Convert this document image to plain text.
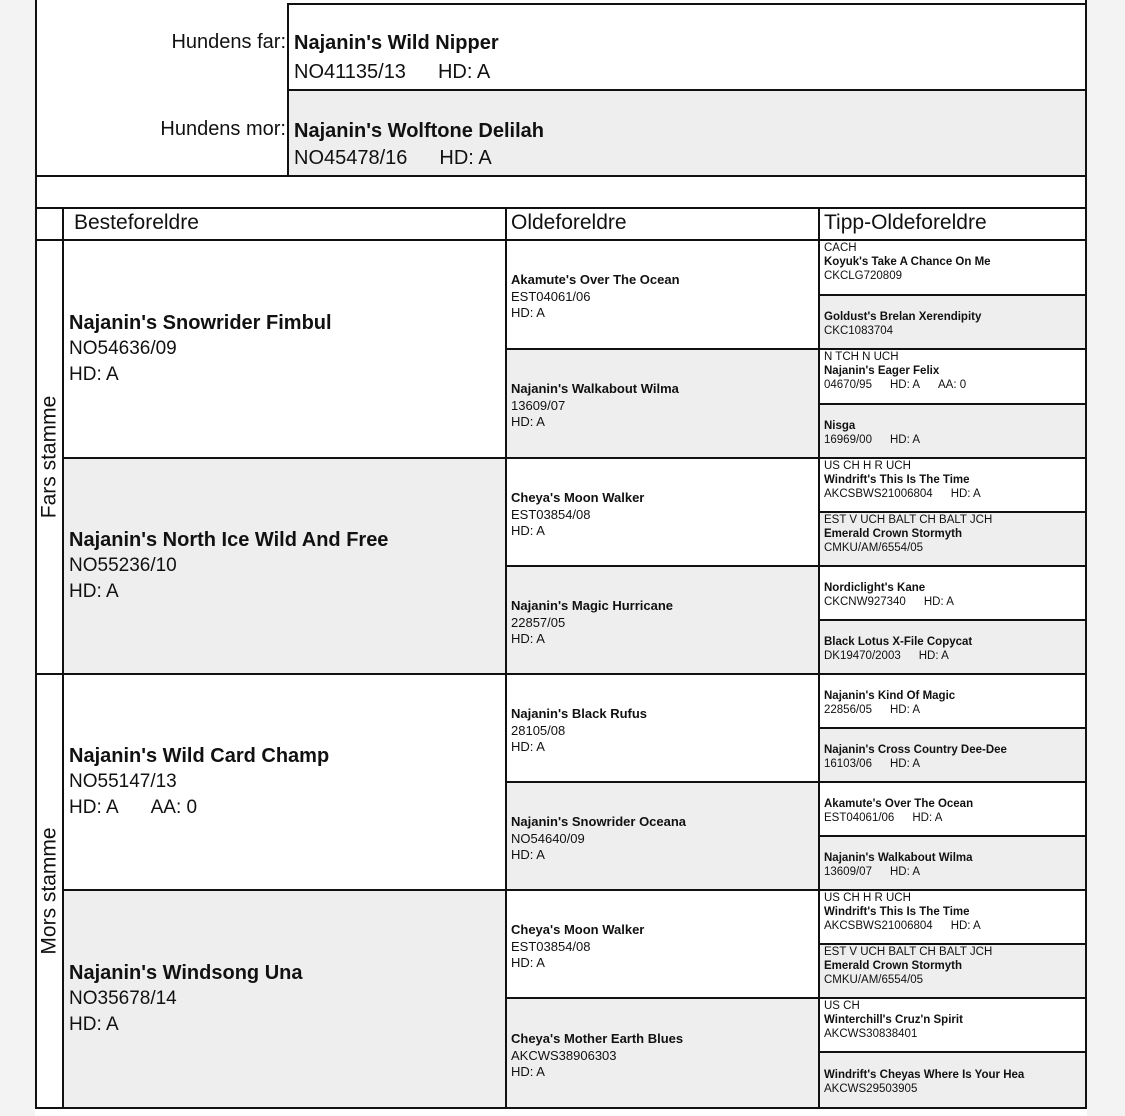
Hundens far: Najanin's Wild Nipper
NO41135/13 HD: A
Hundens mor: Najanin's Wolftone Delilah
NO45478/16 HD: A
Besteforeldre	Oldeforeldre	Tipp-Oldeforeldre
Fars stamme
Mors stamme
Najanin's Snowrider Fimbul
NO54636/09
HD: A
Najanin's North Ice Wild And Free
NO55236/10
HD: A
Najanin's Wild Card Champ
NO55147/13
HD: A AA: 0
Najanin's Windsong Una
NO35678/14
HD: A
Akamute's Over The Ocean
EST04061/06
HD: A
Najanin's Walkabout Wilma
13609/07
HD: A
Cheya's Moon Walker
EST03854/08
HD: A
Najanin's Magic Hurricane
22857/05
HD: A
Najanin's Black Rufus
28105/08
HD: A
Najanin's Snowrider Oceana
NO54640/09
HD: A
Cheya's Moon Walker
EST03854/08
HD: A
Cheya's Mother Earth Blues
AKCWS38906303
HD: A
CACH
Koyuk's Take A Chance On Me
CKCLG720809
Goldust's Brelan Xerendipity
CKC1083704
N TCH N UCH
Najanin's Eager Felix
04670/95 HD: A AA: 0
Nisga
16969/00 HD: A
US CH H R UCH
Windrift's This Is The Time
AKCSBWS21006804 HD: A
EST V UCH BALT CH BALT JCH
Emerald Crown Stormyth
CMKU/AM/6554/05
Nordiclight's Kane
CKCNW927340 HD: A
Black Lotus X-File Copycat
DK19470/2003 HD: A
Najanin's Kind Of Magic
22856/05 HD: A
Najanin's Cross Country Dee-Dee
16103/06 HD: A
Akamute's Over The Ocean
EST04061/06 HD: A
Najanin's Walkabout Wilma
13609/07 HD: A
US CH H R UCH
Windrift's This Is The Time
AKCSBWS21006804 HD: A
EST V UCH BALT CH BALT JCH
Emerald Crown Stormyth
CMKU/AM/6554/05
US CH
Winterchill's Cruz'n Spirit
AKCWS30838401
Windrift's Cheyas Where Is Your Hea
AKCWS29503905
